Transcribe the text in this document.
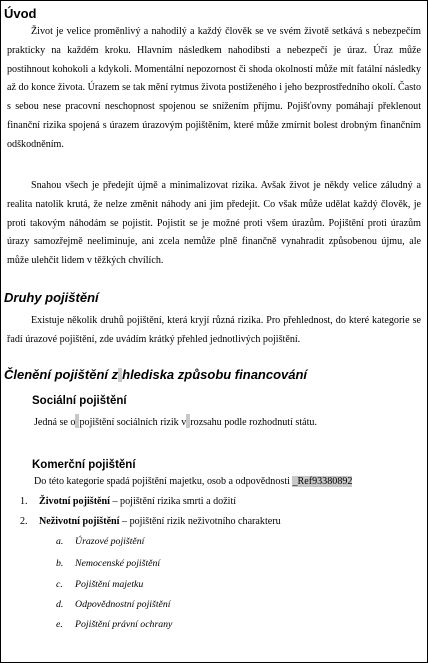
Úvod
Život je velice proměnlivý a nahodilý a každý člověk se ve svém životě setkává s nebezpečím prakticky na každém kroku. Hlavním následkem nahodibsti a nebezpečí je úraz. Úraz může postihnout kohokoli a kdykoli. Momentální nepozornost či shoda okolností může mít fatální následky až do konce života. Úrazem se tak mění rytmus života postiženého i jeho bezprostředního okolí. Často s sebou nese pracovní neschopnost spojenou se snížením příjmu. Pojišťovny pomáhají překlenout finanční rizika spojená s úrazem úrazovým pojištěním, které může zmírnit bolest drobným finančním odškodněním.
Snahou všech je předejít újmě a minimalizovat rizika. Avšak život je někdy velice záludný a realita natolik krutá, že nelze změnit náhody ani jim předejít. Co však může udělat každý člověk, je proti takovým náhodám se pojistit. Pojistit se je možné proti všem úrazům. Pojištění proti úrazům úrazy samozřejmě neeliminuje, ani zcela nemůže plně finančně vynahradit způsobenou újmu, ale může ulehčit lidem v těžkých chvílích.
Druhy pojištění
Existuje několik druhů pojištění, která kryjí různá rizika. Pro přehlednost, do které kategorie se řadí úrazové pojištění, zde uvádím krátký přehled jednotlivých pojištění.
Členění pojištění z hlediska způsobu financování
Sociální pojištění
Jedná se o pojištění sociálních rizik v rozsahu podle rozhodnutí státu.
Komerční pojištění
Do této kategorie spadá pojištění majetku, osob a odpovědnosti _Ref93380892
1. Životní pojištění – pojištění rizika smrti a dožití
2. Neživotní pojištění – pojištění rizik neživotního charakteru
a. Úrazové pojištění
b. Nemocenské pojištění
c. Pojištění majetku
d. Odpovědnostní pojištění
e. Pojištění právní ochrany
